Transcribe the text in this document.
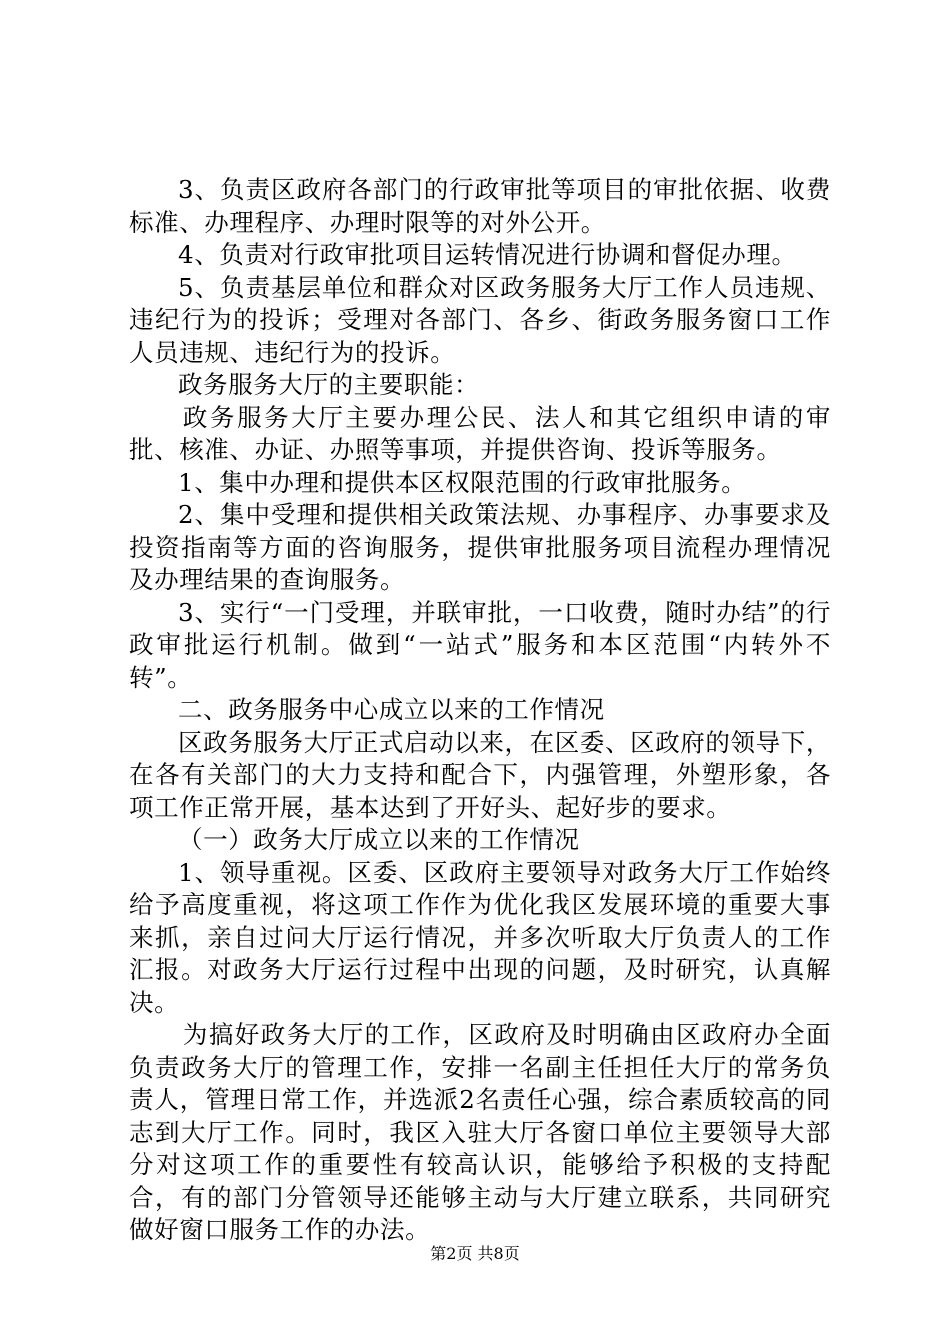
3、负责区政府各部门的行政审批等项目的审批依据、收费标准、办理程序、办理时限等的对外公开。

4、负责对行政审批项目运转情况进行协调和督促办理。

5、负责基层单位和群众对区政务服务大厅工作人员违规、违纪行为的投诉；受理对各部门、各乡、街政务服务窗口工作人员违规、违纪行为的投诉。

政务服务大厅的主要职能：

政务服务大厅主要办理公民、法人和其它组织申请的审批、核准、办证、办照等事项，并提供咨询、投诉等服务。

1、集中办理和提供本区权限范围的行政审批服务。

2、集中受理和提供相关政策法规、办事程序、办事要求及投资指南等方面的咨询服务，提供审批服务项目流程办理情况及办理结果的查询服务。

3、实行“一门受理，并联审批，一口收费，随时办结”的行政审批运行机制。做到“一站式”服务和本区范围“内转外不转”。

二、政务服务中心成立以来的工作情况

区政务服务大厅正式启动以来，在区委、区政府的领导下，在各有关部门的大力支持和配合下，内强管理，外塑形象，各项工作正常开展，基本达到了开好头、起好步的要求。

（一）政务大厅成立以来的工作情况

1、领导重视。区委、区政府主要领导对政务大厅工作始终给予高度重视，将这项工作作为优化我区发展环境的重要大事来抓，亲自过问大厅运行情况，并多次听取大厅负责人的工作汇报。对政务大厅运行过程中出现的问题，及时研究，认真解决。

为搞好政务大厅的工作，区政府及时明确由区政府办全面负责政务大厅的管理工作，安排一名副主任担任大厅的常务负责人，管理日常工作，并选派2名责任心强，综合素质较高的同志到大厅工作。同时，我区入驻大厅各窗口单位主要领导大部分对这项工作的重要性有较高认识，能够给予积极的支持配合，有的部门分管领导还能够主动与大厅建立联系，共同研究做好窗口服务工作的办法。

第2页 共8页
